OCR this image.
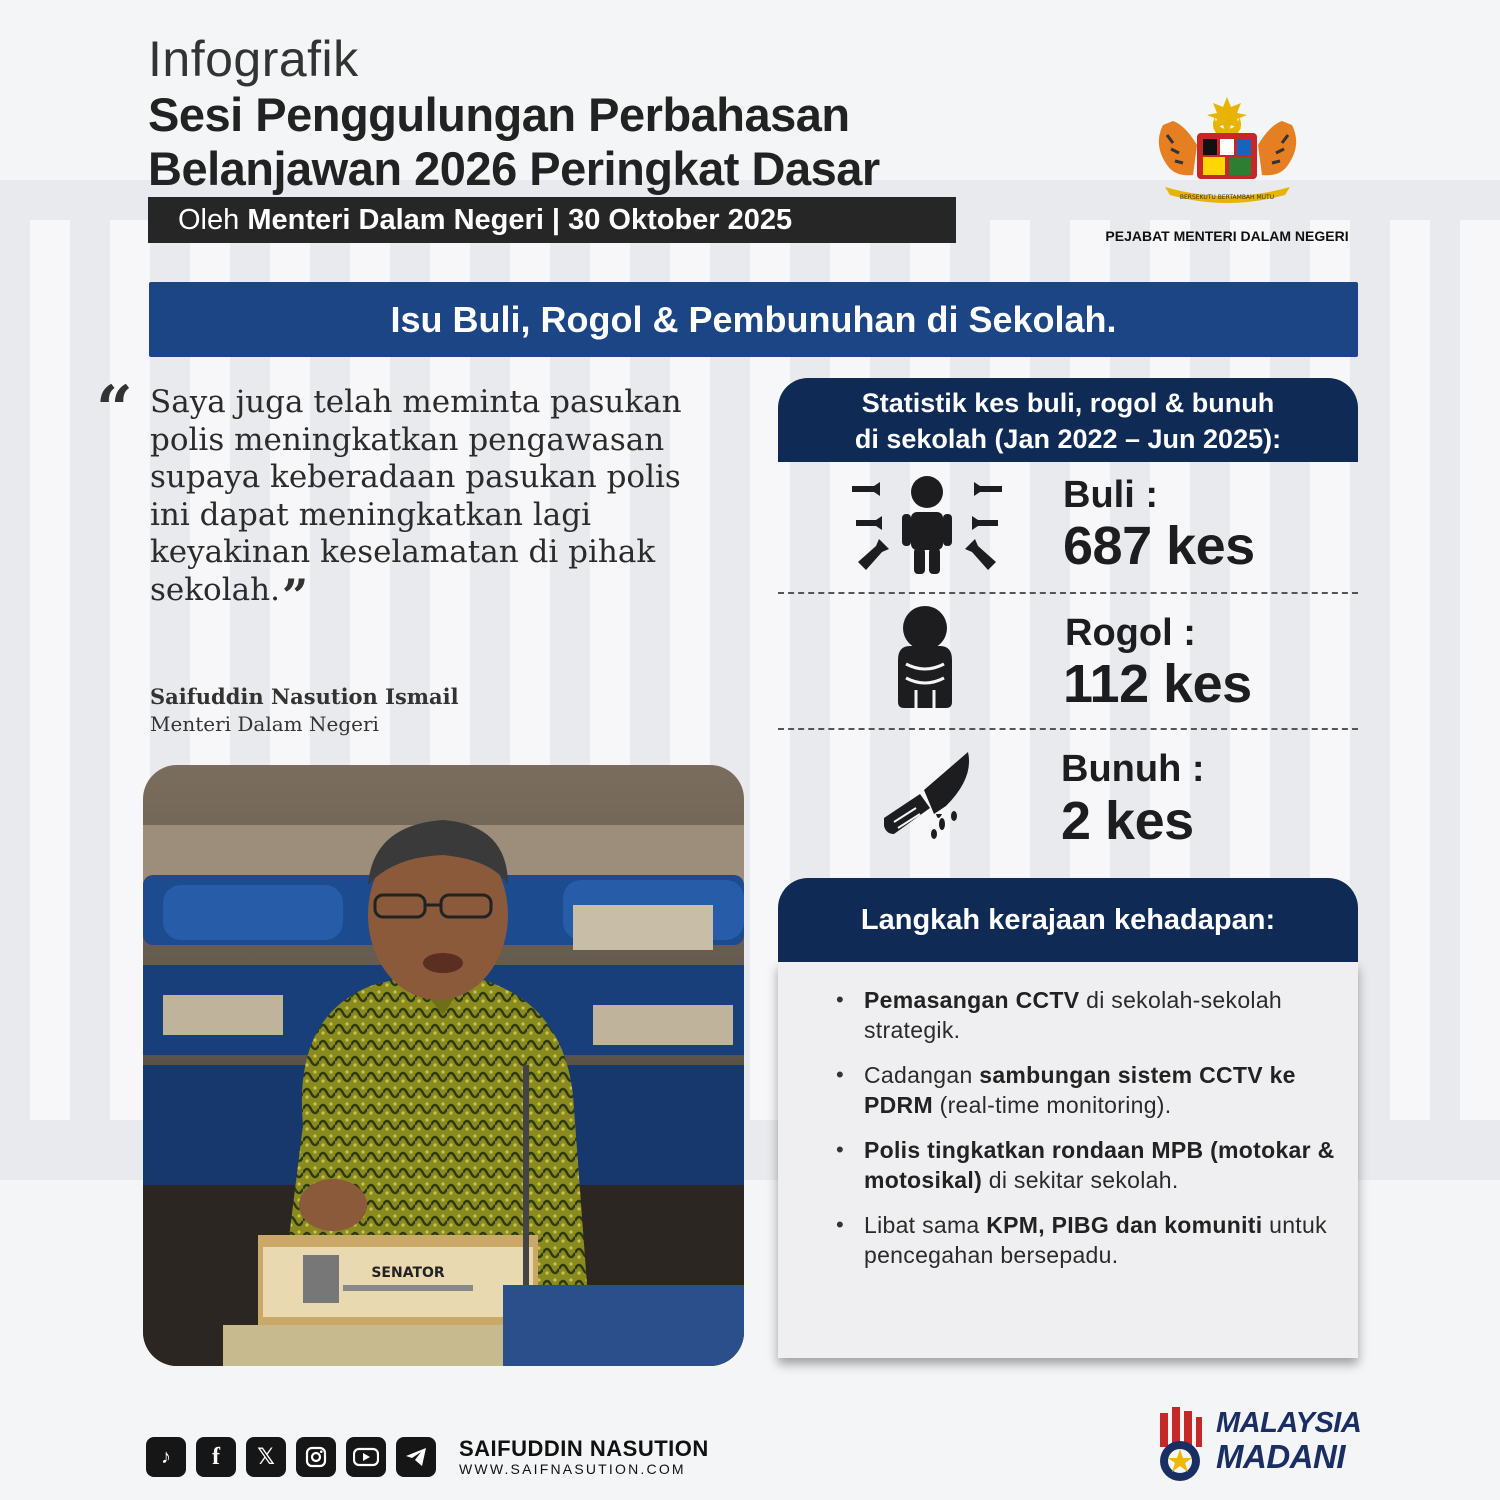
Infografik
Sesi Penggulungan Perbahasan
Belanjawan 2026 Peringkat Dasar
Oleh Menteri Dalam Negeri | 30 Oktober 2025
BERSEKUTU BERTAMBAH MUTU
PEJABAT MENTERI DALAM NEGERI
Isu Buli, Rogol & Pembunuhan di Sekolah.
“ Saya juga telah meminta pasukan polis meningkatkan pengawasan supaya keberadaan pasukan polis ini dapat meningkatkan lagi keyakinan keselamatan di pihak sekolah.”
Saifuddin Nasution Ismail
Menteri Dalam Negeri
SENATOR
Statistik kes buli, rogol & bunuh
di sekolah (Jan 2022 – Jun 2025):
Buli :
687 kes
Rogol :
112 kes
Bunuh :
2 kes
Langkah kerajaan kehadapan:
• Pemasangan CCTV di sekolah-sekolah strategik.
• Cadangan sambungan sistem CCTV ke PDRM (real-time monitoring).
• Polis tingkatkan rondaan MPB (motokar & motosikal) di sekitar sekolah.
• Libat sama KPM, PIBG dan komuniti untuk pencegahan bersepadu.
♪	f	𝕏	SAIFUDDIN NASUTION
WWW.SAIFNASUTION.COM
MALAYSIA
MADANI
